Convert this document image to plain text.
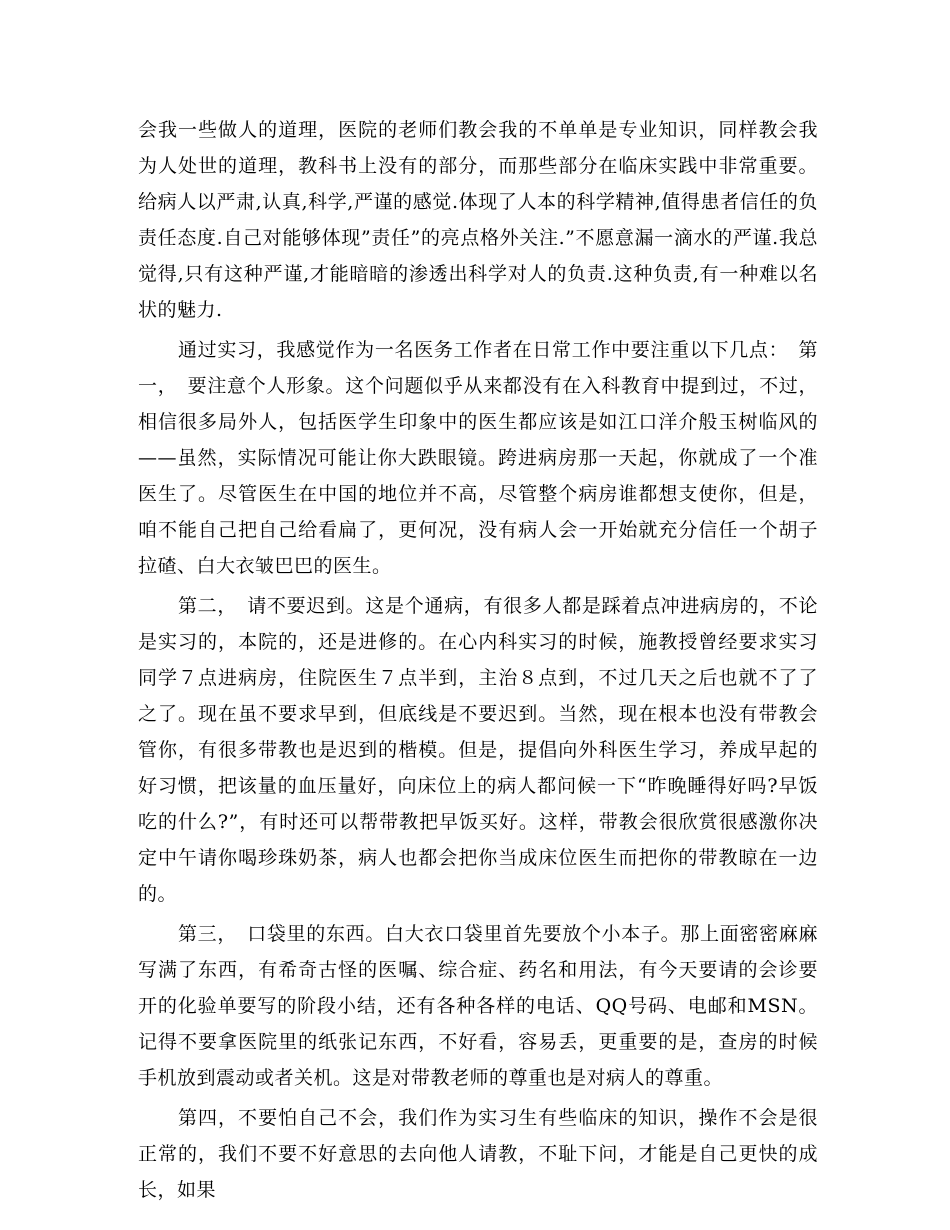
会我一些做人的道理，医院的老师们教会我的不单单是专业知识，同样教会我为人处世的道理，教科书上没有的部分，而那些部分在临床实践中非常重要。给病人以严肃,认真,科学,严谨的感觉.体现了人本的科学精神,值得患者信任的负责任态度.自己对能够体现”责任”的亮点格外关注.”不愿意漏一滴水的严谨.我总觉得,只有这种严谨,才能暗暗的渗透出科学对人的负责.这种负责,有一种难以名状的魅力.

通过实习，我感觉作为一名医务工作者在日常工作中要注重以下几点：　第一，　要注意个人形象。这个问题似乎从来都没有在入科教育中提到过，不过，相信很多局外人，包括医学生印象中的医生都应该是如江口洋介般玉树临风的——虽然，实际情况可能让你大跌眼镜。跨进病房那一天起，你就成了一个准医生了。尽管医生在中国的地位并不高，尽管整个病房谁都想支使你，但是，咱不能自己把自己给看扁了，更何况，没有病人会一开始就充分信任一个胡子拉碴、白大衣皱巴巴的医生。

第二，　请不要迟到。这是个通病，有很多人都是踩着点冲进病房的，不论是实习的，本院的，还是进修的。在心内科实习的时候，施教授曾经要求实习同学７点进病房，住院医生７点半到，主治８点到，不过几天之后也就不了了之了。现在虽不要求早到，但底线是不要迟到。当然，现在根本也没有带教会管你，有很多带教也是迟到的楷模。但是，提倡向外科医生学习，养成早起的好习惯，把该量的血压量好，向床位上的病人都问候一下“昨晚睡得好吗?早饭吃的什么?”，有时还可以帮带教把早饭买好。这样，带教会很欣赏很感激你决定中午请你喝珍珠奶茶，病人也都会把你当成床位医生而把你的带教晾在一边的。

第三，　口袋里的东西。白大衣口袋里首先要放个小本子。那上面密密麻麻写满了东西，有希奇古怪的医嘱、综合症、药名和用法，有今天要请的会诊要开的化验单要写的阶段小结，还有各种各样的电话、QQ号码、电邮和MSN。记得不要拿医院里的纸张记东西，不好看，容易丢，更重要的是，查房的时候手机放到震动或者关机。这是对带教老师的尊重也是对病人的尊重。

第四，不要怕自己不会，我们作为实习生有些临床的知识，操作不会是很正常的，我们不要不好意思的去向他人请教，不耻下问，才能是自己更快的成长，如果
